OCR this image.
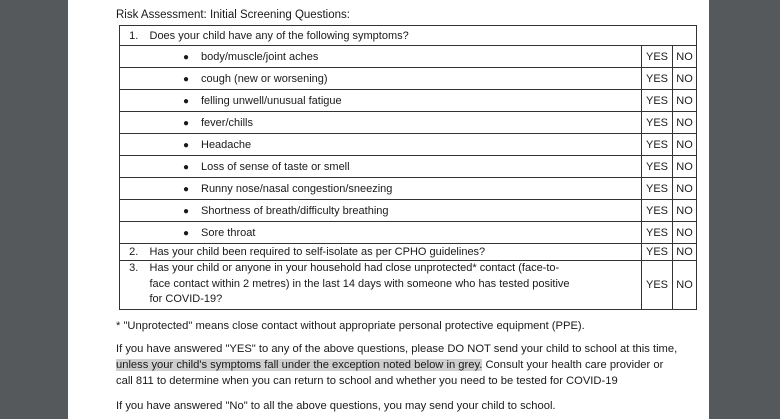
Risk Assessment: Initial Screening Questions:
1.	Does your child have any of the following symptoms?		
● body/muscle/joint aches		YES	NO
● cough (new or worsening)		YES	NO
● felling unwell/unusual fatigue		YES	NO
● fever/chills		YES	NO
● Headache		YES	NO
● Loss of sense of taste or smell		YES	NO
● Runny nose/nasal congestion/sneezing		YES	NO
● Shortness of breath/difficulty breathing		YES	NO
● Sore throat		YES	NO
2.	Has your child been required to self-isolate as per CPHO guidelines?	YES	NO
3.	Has your child or anyone in your household had close unprotected* contact (face-to-
face contact within 2 metres) in the last 14 days with someone who has tested positive
for COVID-19?	YES	NO
* "Unprotected" means close contact without appropriate personal protective equipment (PPE).
If you have answered "YES" to any of the above questions, please DO NOT send your child to school at this time,
unless your child's symptoms fall under the exception noted below in grey. Consult your health care provider or
call 811 to determine when you can return to school and whether you need to be tested for COVID-19
If you have answered "No" to all the above questions, you may send your child to school.
